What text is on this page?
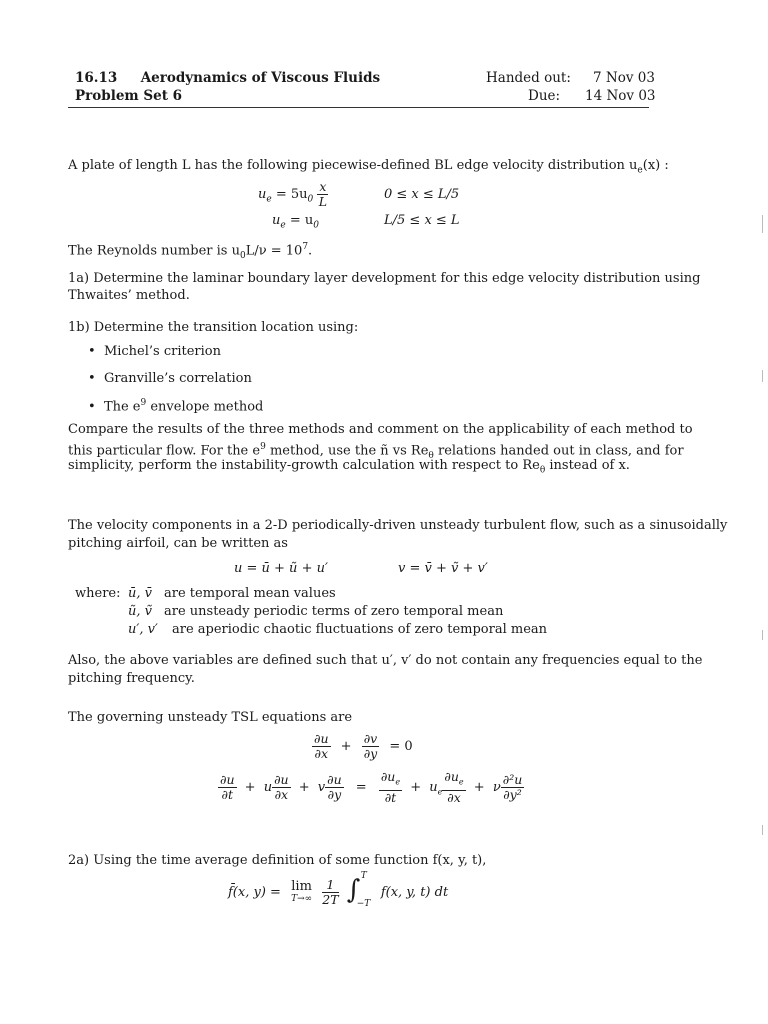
16.13 Aerodynamics of Viscous Fluids
Problem Set 6
Handed out: 7 Nov 03
Due: 14 Nov 03
A plate of length L has the following piecewise-defined BL edge velocity distribution $u_e(x)$ :
$u_e = 5u_0 \frac{x}{L}$	0 ≤ x ≤ L/5
$u_e = u_0$	L/5 ≤ x ≤ L
The Reynolds number is $u_0L/\nu = 10^7$.
1a) Determine the laminar boundary layer development for this edge velocity distribution using
Thwaites’ method.
1b) Determine the transition location using:
•  Michel’s criterion
•  Granville’s correlation
•  The $e^9$ envelope method
Compare the results of the three methods and comment on the applicability of each method to
this particular flow. For the $e^9$ method, use the ñ vs $Re_\theta$ relations handed out in class, and for
simplicity, perform the instability-growth calculation with respect to $Re_\theta$ instead of x.
The velocity components in a 2-D periodically-driven unsteady turbulent flow, such as a sinusoidally
pitching airfoil, can be written as
u = ū + ũ + u′	v = v̄ + ṽ + v′
where: ū, v̄ are temporal mean values
ũ, ṽ are unsteady periodic terms of zero temporal mean
u′, v′ are aperiodic chaotic fluctuations of zero temporal mean
Also, the above variables are defined such that u′, v′ do not contain any frequencies equal to the
pitching frequency.
The governing unsteady TSL equations are
$\frac{\partial u}{\partial x} + \frac{\partial v}{\partial y} = 0$
$\frac{\partial u}{\partial t} + u \frac{\partial u}{\partial x} + v \frac{\partial u}{\partial y} = \frac{\partial u_e}{\partial t} + u_e \frac{\partial u_e}{\partial x} + \nu \frac{\text{∂²u}}{\text{∂y²}}$
2a) Using the time average definition of some function f(x, y, t),
f̄(x, y) = lim
T→∞
$\frac{1}{2T}$
∫ T
−T
f(x, y, t) dt
